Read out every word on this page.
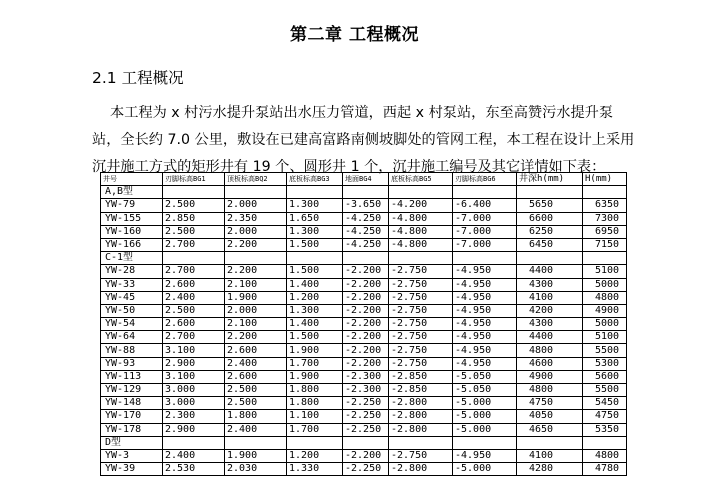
第二章 工程概况
2.1 工程概况
本工程为 x 村污水提升泵站出水压力管道，西起 x 村泵站，东至高赞污水提升泵站，全长约 7.0 公里，敷设在已建高富路南侧坡脚处的管网工程，本工程在设计上采用沉井施工方式的矩形井有 19 个、圆形井 1 个，沉井施工编号及其它详情如下表：
井号	刃脚标高BG1	顶板标高BQ2	底板标高BG3	地面BG4	底板标高BG5	刃脚标高BG6	井深h(mm)	H(mm)
A,B型								
YW-79	2.500	2.000	1.300	-3.650	-4.200	-6.400	5650	6350
YW-155	2.850	2.350	1.650	-4.250	-4.800	-7.000	6600	7300
YW-160	2.500	2.000	1.300	-4.250	-4.800	-7.000	6250	6950
YW-166	2.700	2.200	1.500	-4.250	-4.800	-7.000	6450	7150
C-1型								
YW-28	2.700	2.200	1.500	-2.200	-2.750	-4.950	4400	5100
YW-33	2.600	2.100	1.400	-2.200	-2.750	-4.950	4300	5000
YW-45	2.400	1.900	1.200	-2.200	-2.750	-4.950	4100	4800
YW-50	2.500	2.000	1.300	-2.200	-2.750	-4.950	4200	4900
YW-54	2.600	2.100	1.400	-2.200	-2.750	-4.950	4300	5000
YW-64	2.700	2.200	1.500	-2.200	-2.750	-4.950	4400	5100
YW-88	3.100	2.600	1.900	-2.200	-2.750	-4.950	4800	5500
YW-93	2.900	2.400	1.700	-2.200	-2.750	-4.950	4600	5300
YW-113	3.100	2.600	1.900	-2.300	-2.850	-5.050	4900	5600
YW-129	3.000	2.500	1.800	-2.300	-2.850	-5.050	4800	5500
YW-148	3.000	2.500	1.800	-2.250	-2.800	-5.000	4750	5450
YW-170	2.300	1.800	1.100	-2.250	-2.800	-5.000	4050	4750
YW-178	2.900	2.400	1.700	-2.250	-2.800	-5.000	4650	5350
D型								
YW-3	2.400	1.900	1.200	-2.200	-2.750	-4.950	4100	4800
YW-39	2.530	2.030	1.330	-2.250	-2.800	-5.000	4280	4780
